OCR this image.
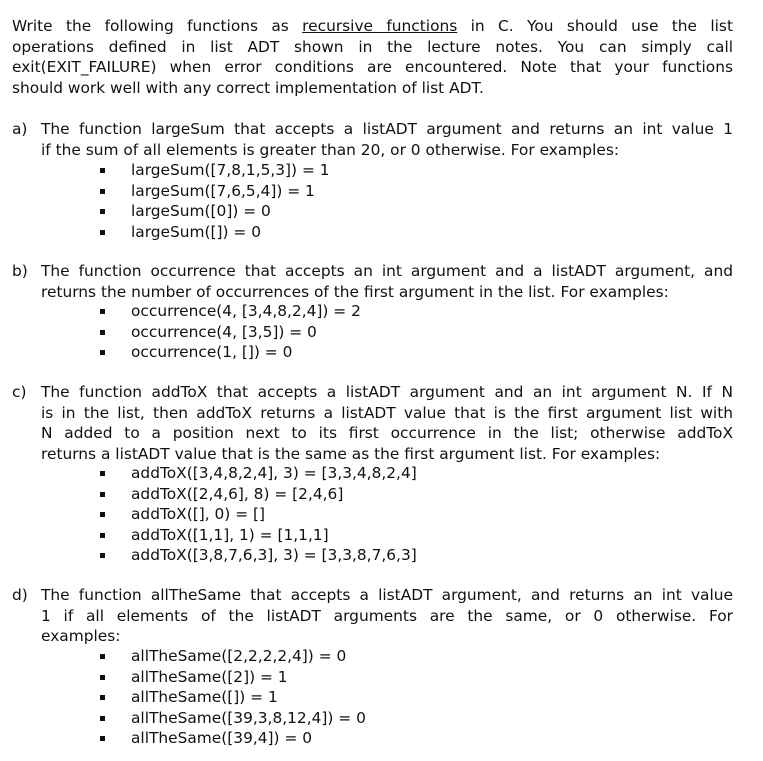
Write the following functions as recursive functions in C. You should use the list
operations defined in list ADT shown in the lecture notes. You can simply call
exit(EXIT_FAILURE) when error conditions are encountered. Note that your functions
should work well with any correct implementation of list ADT.
a) The function largeSum that accepts a listADT argument and returns an int value 1
if the sum of all elements is greater than 20, or 0 otherwise. For examples:
largeSum([7,8,1,5,3]) = 1
largeSum([7,6,5,4]) = 1
largeSum([0]) = 0
largeSum([]) = 0
b) The function occurrence that accepts an int argument and a listADT argument, and
returns the number of occurrences of the first argument in the list. For examples:
occurrence(4, [3,4,8,2,4]) = 2
occurrence(4, [3,5]) = 0
occurrence(1, []) = 0
c) The function addToX that accepts a listADT argument and an int argument N. If N
is in the list, then addToX returns a listADT value that is the first argument list with
N added to a position next to its first occurrence in the list; otherwise addToX
returns a listADT value that is the same as the first argument list. For examples:
addToX([3,4,8,2,4], 3) = [3,3,4,8,2,4]
addToX([2,4,6], 8) = [2,4,6]
addToX([], 0) = []
addToX([1,1], 1) = [1,1,1]
addToX([3,8,7,6,3], 3) = [3,3,8,7,6,3]
d) The function allTheSame that accepts a listADT argument, and returns an int value
1 if all elements of the listADT arguments are the same, or 0 otherwise. For
examples:
allTheSame([2,2,2,2,4]) = 0
allTheSame([2]) = 1
allTheSame([]) = 1
allTheSame([39,3,8,12,4]) = 0
allTheSame([39,4]) = 0
